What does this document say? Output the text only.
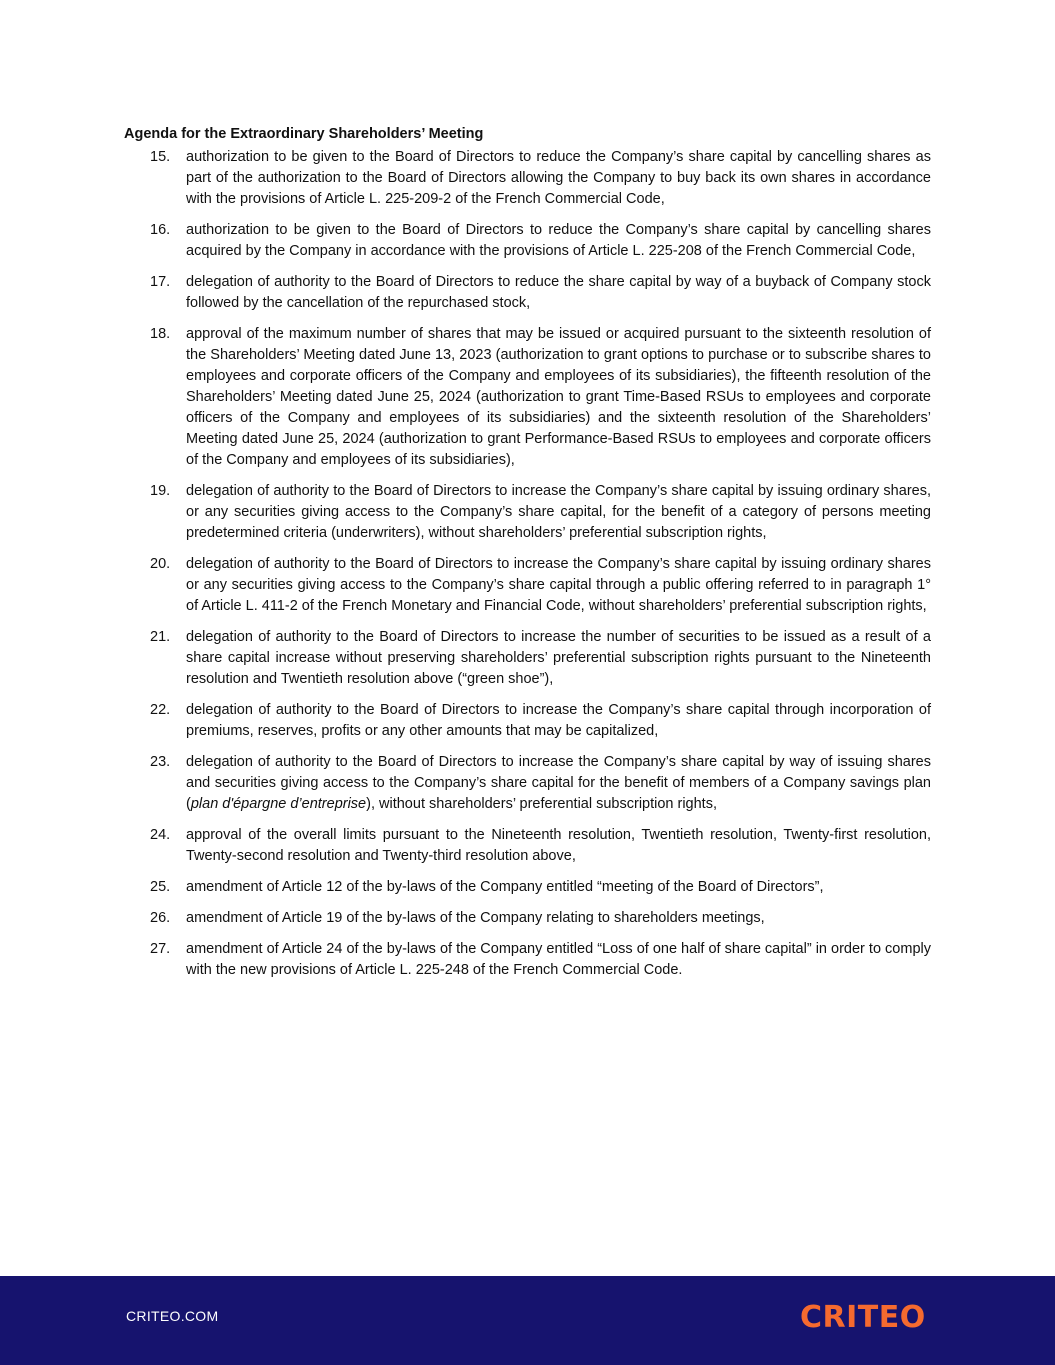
Agenda for the Extraordinary Shareholders’ Meeting
15.	authorization to be given to the Board of Directors to reduce the Company’s share capital by cancelling shares as part of the authorization to the Board of Directors allowing the Company to buy back its own shares in accordance with the provisions of Article L. 225-209-2 of the French Commercial Code,
16.	authorization to be given to the Board of Directors to reduce the Company’s share capital by cancelling shares acquired by the Company in accordance with the provisions of Article L. 225-208 of the French Commercial Code,
17.	delegation of authority to the Board of Directors to reduce the share capital by way of a buyback of Company stock followed by the cancellation of the repurchased stock,
18.	approval of the maximum number of shares that may be issued or acquired pursuant to the sixteenth resolution of the Shareholders’ Meeting dated June 13, 2023 (authorization to grant options to purchase or to subscribe shares to employees and corporate officers of the Company and employees of its subsidiaries), the fifteenth resolution of the Shareholders’ Meeting dated June 25, 2024 (authorization to grant Time-Based RSUs to employees and corporate officers of the Company and employees of its subsidiaries) and the sixteenth resolution of the Shareholders’ Meeting dated June 25, 2024 (authorization to grant Performance-Based RSUs to employees and corporate officers of the Company and employees of its subsidiaries),
19.	delegation of authority to the Board of Directors to increase the Company’s share capital by issuing ordinary shares, or any securities giving access to the Company’s share capital, for the benefit of a category of persons meeting predetermined criteria (underwriters), without shareholders’ preferential subscription rights,
20.	delegation of authority to the Board of Directors to increase the Company’s share capital by issuing ordinary shares or any securities giving access to the Company’s share capital through a public offering referred to in paragraph 1° of Article L. 411-2 of the French Monetary and Financial Code, without shareholders’ preferential subscription rights,
21.	delegation of authority to the Board of Directors to increase the number of securities to be issued as a result of a share capital increase without preserving shareholders’ preferential subscription rights pursuant to the Nineteenth resolution and Twentieth resolution above (“green shoe”),
22.	delegation of authority to the Board of Directors to increase the Company’s share capital through incorporation of premiums, reserves, profits or any other amounts that may be capitalized,
23.	delegation of authority to the Board of Directors to increase the Company’s share capital by way of issuing shares and securities giving access to the Company’s share capital for the benefit of members of a Company savings plan (plan d'épargne d’entreprise), without shareholders’ preferential subscription rights,
24.	approval of the overall limits pursuant to the Nineteenth resolution, Twentieth resolution, Twenty-first resolution, Twenty-second resolution and Twenty-third resolution above,
25.	amendment of Article 12 of the by-laws of the Company entitled “meeting of the Board of Directors”,
26.	amendment of Article 19 of the by-laws of the Company relating to shareholders meetings,
27.	amendment of Article 24 of the by-laws of the Company entitled “Loss of one half of share capital” in order to comply with the new provisions of Article L. 225-248 of the French Commercial Code.
CRITEO.COM	CRITEO
